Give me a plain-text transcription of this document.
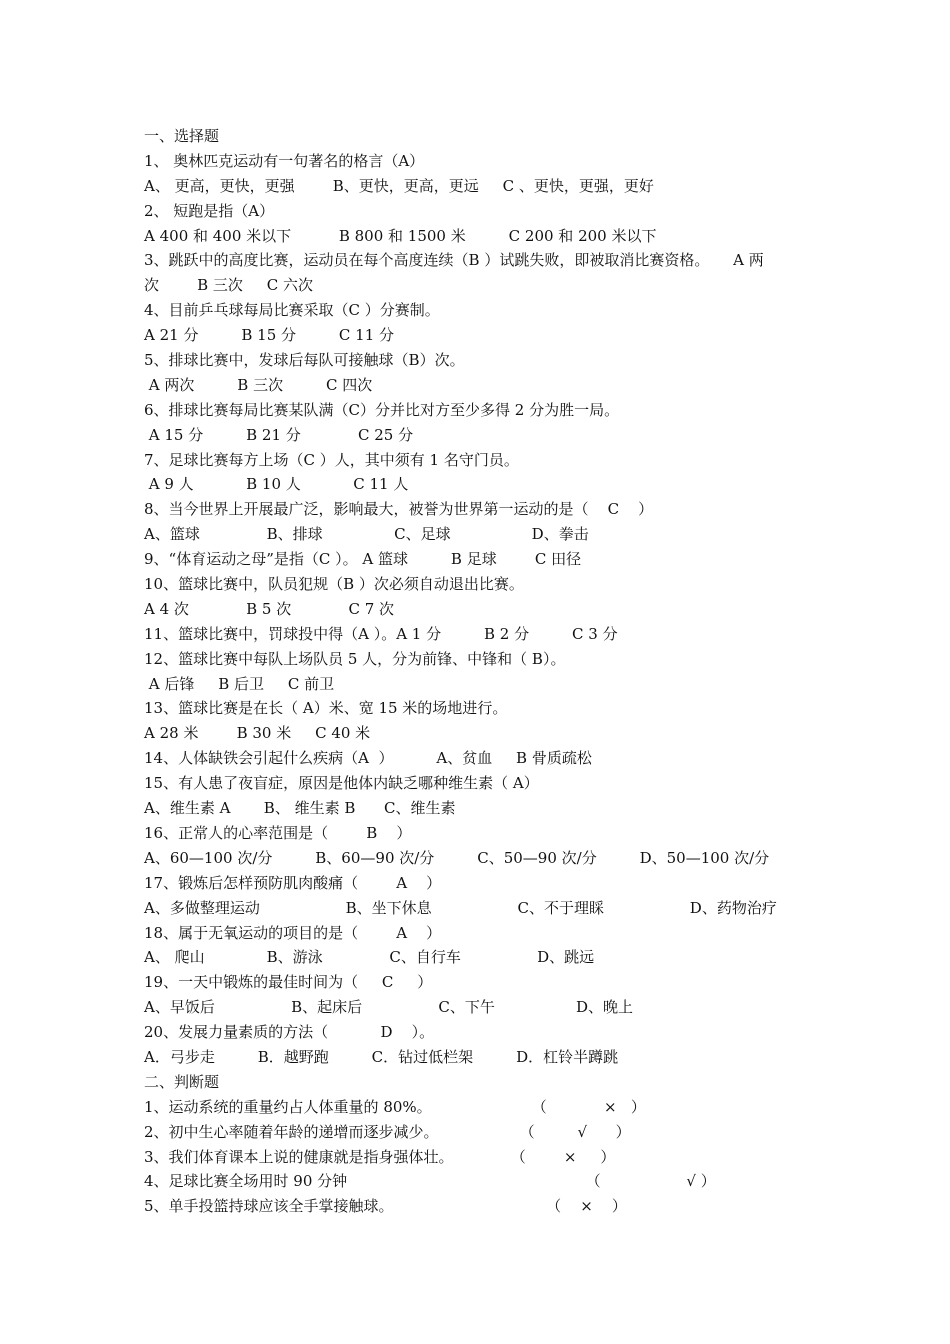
一、选择题
1、 奥林匹克运动有一句著名的格言（A）
A、 更高，更快，更强        B、更快，更高，更远     C 、更快，更强，更好
2、 短跑是指（A）
A 400 和 400 米以下          B 800 和 1500 米         C 200 和 200 米以下
3、跳跃中的高度比赛，运动员在每个高度连续（B ）试跳失败，即被取消比赛资格。     A 两
次        B 三次     C 六次
4、目前乒乓球每局比赛采取（C ）分赛制。
A 21 分         B 15 分         C 11 分
5、排球比赛中，发球后每队可接触球（B）次。
A 两次         B 三次         C 四次
6、排球比赛每局比赛某队满（C）分并比对方至少多得 2 分为胜一局。
A 15 分         B 21 分            C 25 分
7、足球比赛每方上场（C ）人，其中须有 1 名守门员。
A 9 人           B 10 人           C 11 人
8、当今世界上开展最广泛，影响最大，被誉为世界第一运动的是（    C    ）
A、篮球              B、排球               C、足球                 D、拳击
9、“体育运动之母”是指（C ）。 A 篮球         B 足球        C 田径
10、篮球比赛中，队员犯规（B ）次必须自动退出比赛。
A 4 次            B 5 次            C 7 次
11、篮球比赛中，罚球投中得（A ）。A 1 分         B 2 分         C 3 分
12、篮球比赛中每队上场队员 5 人，分为前锋、中锋和（ B）。
A 后锋     B 后卫     C 前卫
13、篮球比赛是在长（ A）米、宽 15 米的场地进行。
A 28 米        B 30 米     C 40 米
14、人体缺铁会引起什么疾病（A  ）         A、贫血     B 骨质疏松
15、有人患了夜盲症，原因是他体内缺乏哪种维生素（ A）
A、维生素 A       B、 维生素 B      C、维生素
16、正常人的心率范围是（        B    ）
A、60—100 次/分         B、60—90 次/分         C、50—90 次/分         D、50—100 次/分
17、锻炼后怎样预防肌肉酸痛（        A    ）
A、多做整理运动                  B、坐下休息                  C、不于理睬                  D、药物治疗
18、属于无氧运动的项目的是（        A    ）
A、 爬山             B、游泳              C、自行车                D、跳远
19、一天中锻炼的最佳时间为（     C     ）
A、早饭后                B、起床后                C、下午                 D、晚上
20、发展力量素质的方法（           D    ）。
A．弓步走         B．越野跑         C．钻过低栏架         D．杠铃半蹲跳
二、判断题
1、运动系统的重量约占人体重量的 80%。                     （            ×   ）
2、初中生心率随着年龄的递增而逐步减少。                 （         √      ）
3、我们体育课本上说的健康就是指身强体壮。            （        ×     ）
4、足球比赛全场用时 90 分钟                                                  （                  √ ）
5、单手投篮持球应该全手掌接触球。                                （    ×    ）
